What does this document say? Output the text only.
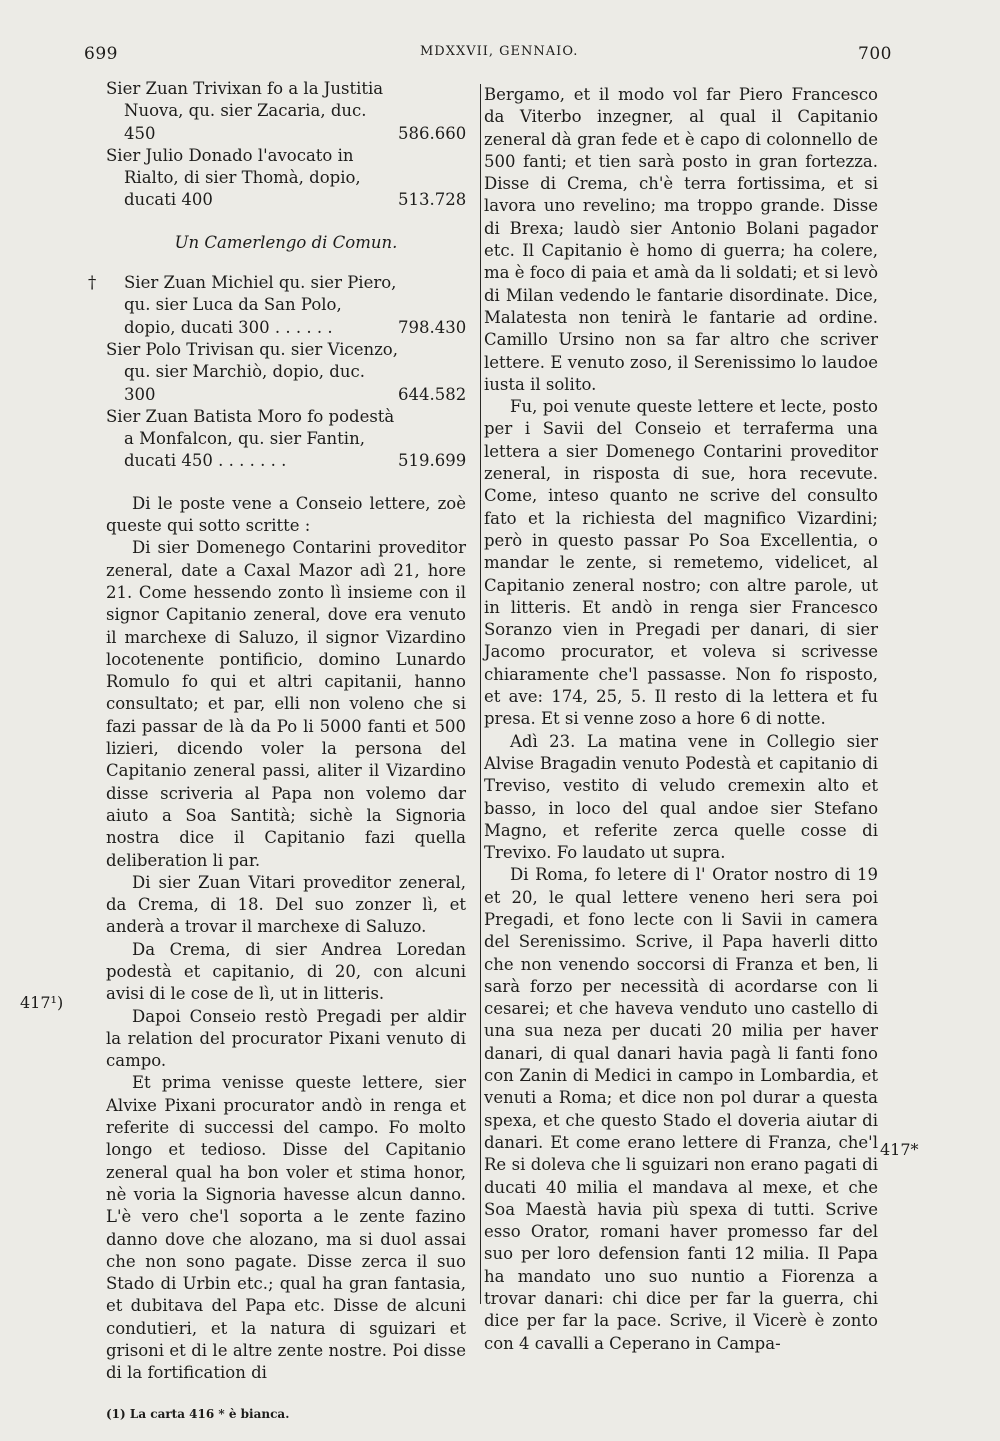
699	MDXXVII, GENNAIO.	700
417¹)
417*
Sier Zuan Trivixan fo a la Justitia Nuova, qu. sier Zacaria, duc. 450	586.660
Sier Julio Donado l'avocato in Rialto, di sier Thomà, dopio, ducati 400	513.728
Un Camerlengo di Comun.
† Sier Zuan Michiel qu. sier Piero, qu. sier Luca da San Polo, dopio, ducati 300 . . . . . .	798.430
Sier Polo Trivisan qu. sier Vicenzo, qu. sier Marchiò, dopio, duc. 300	644.582
Sier Zuan Batista Moro fo podestà a Monfalcon, qu. sier Fantin, ducati 450 . . . . . . .	519.699

Di le poste vene a Conseio lettere, zoè queste qui sotto scritte :

Di sier Domenego Contarini proveditor zeneral, date a Caxal Mazor adì 21, hore 21. Come hessendo zonto lì insieme con il signor Capitanio zeneral, dove era venuto il marchexe di Saluzo, il signor Vizardino locotenente pontificio, domino Lunardo Romulo fo qui et altri capitanii, hanno consultato; et par, elli non voleno che si fazi passar de là da Po li 5000 fanti et 500 lizieri, dicendo voler la persona del Capitanio zeneral passi, aliter il Vizardino disse scriveria al Papa non volemo dar aiuto a Soa Santità; sichè la Signoria nostra dice il Capitanio fazi quella deliberation li par.

Di sier Zuan Vitari proveditor zeneral, da Crema, di 18. Del suo zonzer lì, et anderà a trovar il marchexe di Saluzo.

Da Crema, di sier Andrea Loredan podestà et capitanio, di 20, con alcuni avisi di le cose de lì, ut in litteris.

Dapoi Conseio restò Pregadi per aldir la relation del procurator Pixani venuto di campo.

Et prima venisse queste lettere, sier Alvixe Pixani procurator andò in renga et referite di successi del campo. Fo molto longo et tedioso. Disse del Capitanio zeneral qual ha bon voler et stima honor, nè voria la Signoria havesse alcun danno. L'è vero che'l soporta a le zente fazino danno dove che alozano, ma si duol assai che non sono pagate. Disse zerca il suo Stado di Urbin etc.; qual ha gran fantasia, et dubitava del Papa etc. Disse de alcuni condutieri, et la natura di sguizari et grisoni et di le altre zente nostre. Poi disse di la fortification di

(1) La carta 416 * è bianca.

Bergamo, et il modo vol far Piero Francesco da Viterbo inzegner, al qual il Capitanio zeneral dà gran fede et è capo di colonnello de 500 fanti; et tien sarà posto in gran fortezza. Disse di Crema, ch'è terra fortissima, et si lavora uno revelino; ma troppo grande. Disse di Brexa; laudò sier Antonio Bolani pagador etc. Il Capitanio è homo di guerra; ha colere, ma è foco di paia et amà da li soldati; et si levò di Milan vedendo le fantarie disordinate. Dice, Malatesta non tenirà le fantarie ad ordine. Camillo Ursino non sa far altro che scriver lettere. E venuto zoso, il Serenissimo lo laudoe iusta il solito.

Fu, poi venute queste lettere et lecte, posto per i Savii del Conseio et terraferma una lettera a sier Domenego Contarini proveditor zeneral, in risposta di sue, hora recevute. Come, inteso quanto ne scrive del consulto fato et la richiesta del magnifico Vizardini; però in questo passar Po Soa Excellentia, o mandar le zente, si remetemo, videlicet, al Capitanio zeneral nostro; con altre parole, ut in litteris. Et andò in renga sier Francesco Soranzo vien in Pregadi per danari, di sier Jacomo procurator, et voleva si scrivesse chiaramente che'l passasse. Non fo risposto, et ave: 174, 25, 5. Il resto di la lettera et fu presa. Et si venne zoso a hore 6 di notte.

Adì 23. La matina vene in Collegio sier Alvise Bragadin venuto Podestà et capitanio di Treviso, vestito di veludo cremexin alto et basso, in loco del qual andoe sier Stefano Magno, et referite zerca quelle cosse di Trevixo. Fo laudato ut supra.

Di Roma, fo letere di l' Orator nostro di 19 et 20, le qual lettere veneno heri sera poi Pregadi, et fono lecte con li Savii in camera del Serenissimo. Scrive, il Papa haverli ditto che non venendo soccorsi di Franza et ben, li sarà forzo per necessità di acordarse con li cesarei; et che haveva venduto uno castello di una sua neza per ducati 20 milia per haver danari, di qual danari havia pagà li fanti fono con Zanin di Medici in campo in Lombardia, et venuti a Roma; et dice non pol durar a questa spexa, et che questo Stado el doveria aiutar di danari. Et come erano lettere di Franza, che'l Re si doleva che li sguizari non erano pagati di ducati 40 milia el mandava al mexe, et che Soa Maestà havia più spexa di tutti. Scrive esso Orator, romani haver promesso far del suo per loro defension fanti 12 milia. Il Papa ha mandato uno suo nuntio a Fiorenza a trovar danari: chi dice per far la guerra, chi dice per far la pace. Scrive, il Vicerè è zonto con 4 cavalli a Ceperano in Campa-
